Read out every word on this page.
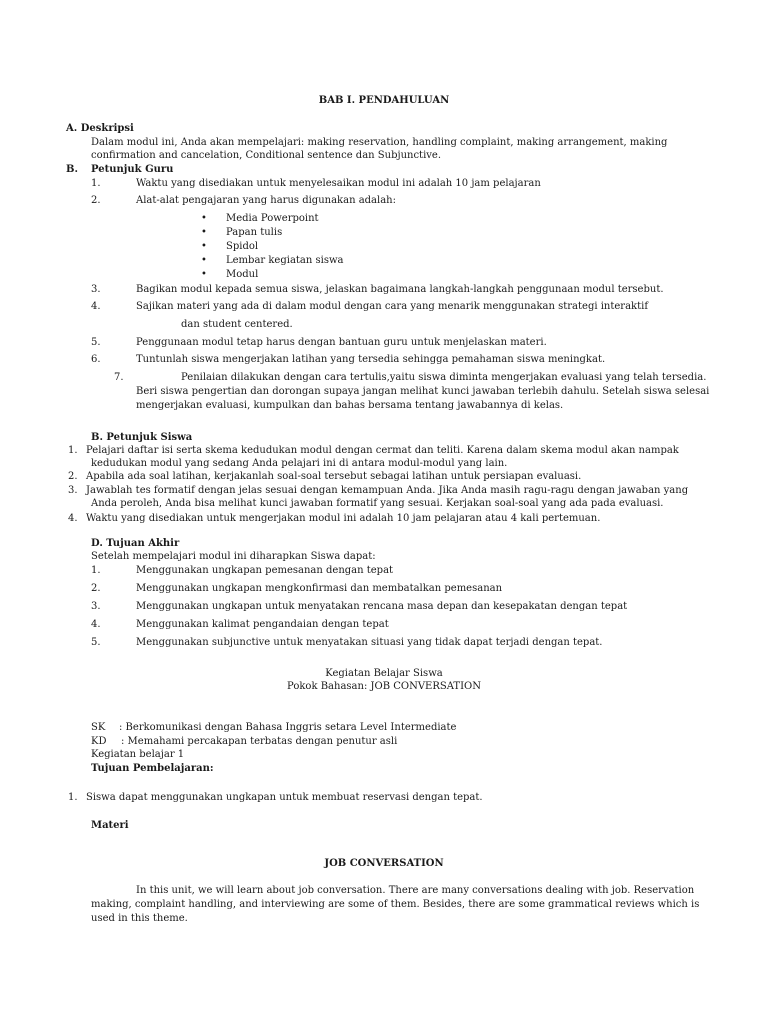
BAB I. PENDAHULUAN
A. Deskripsi
Dalam modul ini, Anda akan mempelajari: making reservation, handling complaint, making arrangement, making
confirmation and cancelation, Conditional sentence dan Subjunctive.
B. Petunjuk Guru
1.	Waktu yang disediakan untuk menyelesaikan modul ini adalah 10 jam pelajaran
2.	Alat-alat pengajaran yang harus digunakan adalah:
• Media Powerpoint
• Papan tulis
• Spidol
• Lembar kegiatan siswa
• Modul
3.	Bagikan modul kepada semua siswa, jelaskan bagaimana langkah-langkah penggunaan modul tersebut.
4.	Sajikan materi yang ada di dalam modul dengan cara yang menarik menggunakan strategi interaktif
dan student centered.
5.	Penggunaan modul tetap harus dengan bantuan guru untuk menjelaskan materi.
6.	Tuntunlah siswa mengerjakan latihan yang tersedia sehingga pemahaman siswa meningkat.
7.	Penilaian dilakukan dengan cara tertulis,yaitu siswa diminta mengerjakan evaluasi yang telah tersedia.
Beri siswa pengertian dan dorongan supaya jangan melihat kunci jawaban terlebih dahulu. Setelah siswa selesai
mengerjakan evaluasi, kumpulkan dan bahas bersama tentang jawabannya di kelas.
B. Petunjuk Siswa
1. Pelajari daftar isi serta skema kedudukan modul dengan cermat dan teliti. Karena dalam skema modul akan nampak
kedudukan modul yang sedang Anda pelajari ini di antara modul-modul yang lain.
2. Apabila ada soal latihan, kerjakanlah soal-soal tersebut sebagai latihan untuk persiapan evaluasi.
3. Jawablah tes formatif dengan jelas sesuai dengan kemampuan Anda. Jika Anda masih ragu-ragu dengan jawaban yang
Anda peroleh, Anda bisa melihat kunci jawaban formatif yang sesuai. Kerjakan soal-soal yang ada pada evaluasi.
4. Waktu yang disediakan untuk mengerjakan modul ini adalah 10 jam pelajaran atau 4 kali pertemuan.
D. Tujuan Akhir
Setelah mempelajari modul ini diharapkan Siswa dapat:
1.	Menggunakan ungkapan pemesanan dengan tepat
2.	Menggunakan ungkapan mengkonfirmasi dan membatalkan pemesanan
3.	Menggunakan ungkapan untuk menyatakan rencana masa depan dan kesepakatan dengan tepat
4.	Menggunakan kalimat pengandaian dengan tepat
5.	Menggunakan subjunctive untuk menyatakan situasi yang tidak dapat terjadi dengan tepat.
Kegiatan Belajar Siswa
Pokok Bahasan: JOB CONVERSATION
SK : Berkomunikasi dengan Bahasa Inggris setara Level Intermediate
KD : Memahami percakapan terbatas dengan penutur asli
Kegiatan belajar 1
Tujuan Pembelajaran:
1. Siswa dapat menggunakan ungkapan untuk membuat reservasi dengan tepat.
Materi
JOB CONVERSATION
In this unit, we will learn about job conversation. There are many conversations dealing with job. Reservation
making, complaint handling, and interviewing are some of them. Besides, there are some grammatical reviews which is
used in this theme.
